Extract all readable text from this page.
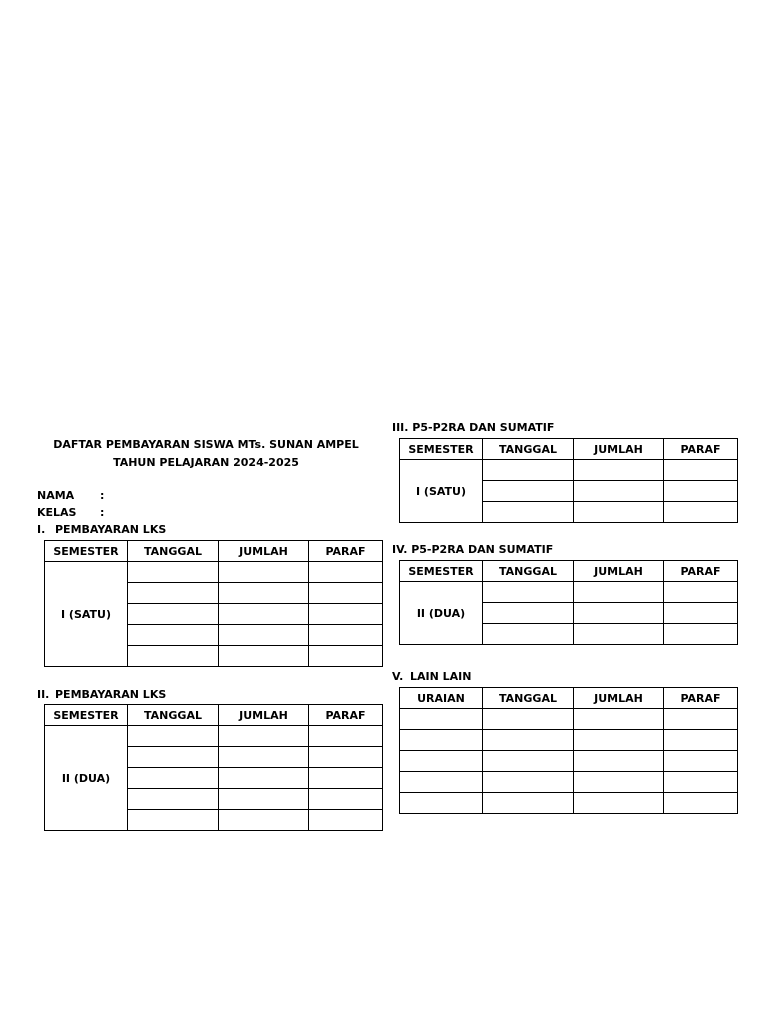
DAFTAR PEMBAYARAN SISWA MTs. SUNAN AMPEL
TAHUN PELAJARAN 2024-2025
NAMA :
KELAS :
I. PEMBAYARAN LKS
SEMESTER	TANGGAL	JUMLAH	PARAF
I (SATU)			

II. PEMBAYARAN LKS
SEMESTER	TANGGAL	JUMLAH	PARAF
II (DUA)			

III. P5-P2RA DAN SUMATIF
SEMESTER	TANGGAL	JUMLAH	PARAF
I (SATU)			

IV. P5-P2RA DAN SUMATIF
SEMESTER	TANGGAL	JUMLAH	PARAF
II (DUA)			

V. LAIN LAIN
URAIAN	TANGGAL	JUMLAH	PARAF
